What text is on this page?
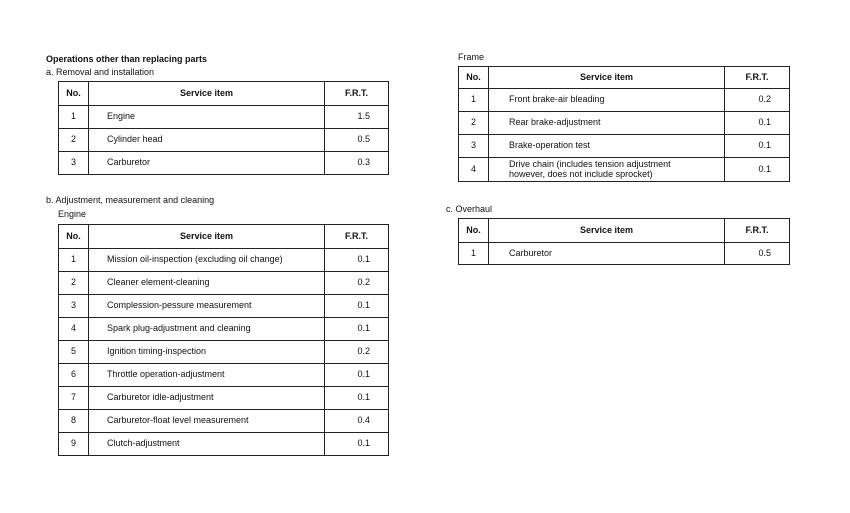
Operations other than replacing parts
a. Removal and installation
No.	Service item	F.R.T.
1	Engine	1.5
2	Cylinder head	0.5
3	Carburetor	0.3
b. Adjustment, measurement and cleaning
Engine
No.	Service item	F.R.T.
1	Mission oil-inspection (excluding oil change)	0.1
2	Cleaner element-cleaning	0.2
3	Complession-pessure measurement	0.1
4	Spark plug-adjustment and cleaning	0.1
5	Ignition timing-inspection	0.2
6	Throttle operation-adjustment	0.1
7	Carburetor idle-adjustment	0.1
8	Carburetor-float level measurement	0.4
9	Clutch-adjustment	0.1
Frame
No.	Service item	F.R.T.
1	Front brake-air bleading	0.2
2	Rear brake-adjustment	0.1
3	Brake-operation test	0.1
4	Drive chain (includes tension adjustment
however, does not include sprocket)	0.1
c. Overhaul
No.	Service item	F.R.T.
1	Carburetor	0.5
